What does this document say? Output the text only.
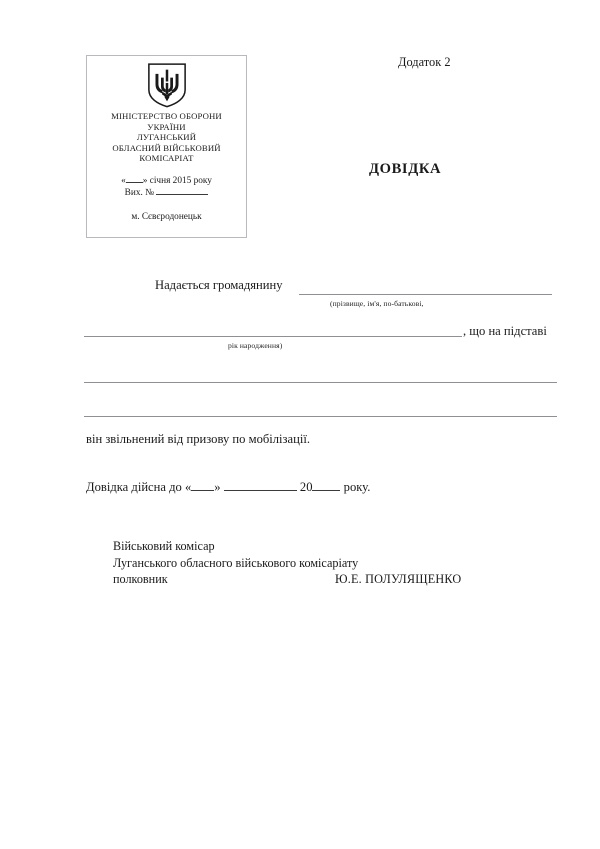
МІНІСТЕРСТВО ОБОРОНИ
УКРАЇНИ
ЛУГАНСЬКИЙ
ОБЛАСНИЙ ВІЙСЬКОВИЙ
КОМІСАРІАТ
« » січня 2015 року
Вих. №
м. Сєвєродонецьк
Додаток 2
ДОВІДКА
Надається громадянину
(прізвище, ім'я, по-батькові,
, що на підставі
рік народження)
він звільнений від призову по мобілізації.
Довідка дійсна до « »	20 року.
Військовий комісар
Луганського обласного військового комісаріату
полковник	Ю.Е. ПОЛУЛЯЩЕНКО
